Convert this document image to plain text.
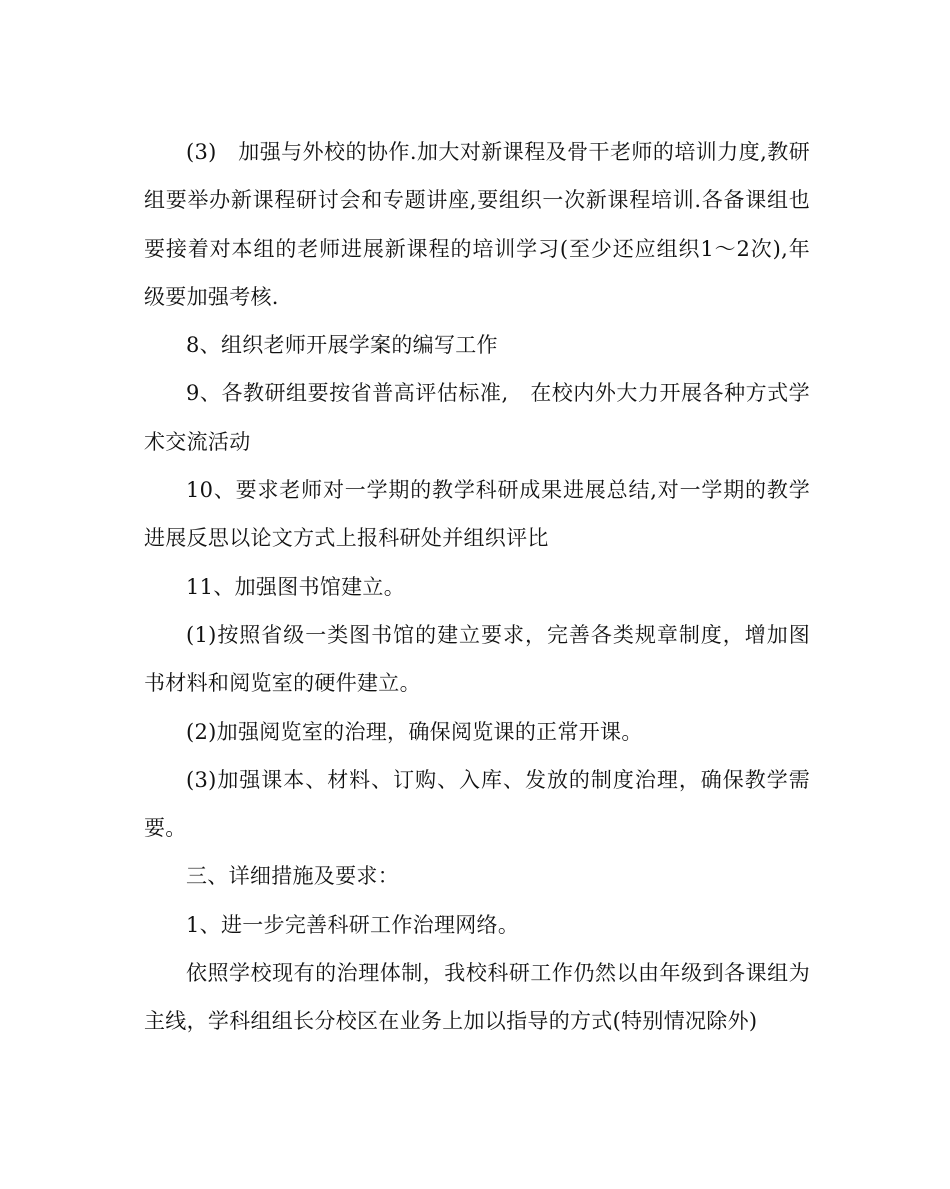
(3)　加强与外校的协作.加大对新课程及骨干老师的培训力度,教研组要举办新课程研讨会和专题讲座,要组织一次新课程培训.各备课组也要接着对本组的老师进展新课程的培训学习(至少还应组织1～2次),年级要加强考核.

8、组织老师开展学案的编写工作

9、各教研组要按省普高评估标准,　在校内外大力开展各种方式学术交流活动

10、要求老师对一学期的教学科研成果进展总结,对一学期的教学进展反思以论文方式上报科研处并组织评比

11、加强图书馆建立。

(1)按照省级一类图书馆的建立要求，完善各类规章制度，增加图书材料和阅览室的硬件建立。

(2)加强阅览室的治理，确保阅览课的正常开课。

(3)加强课本、材料、订购、入库、发放的制度治理，确保教学需要。

三、详细措施及要求：

1、进一步完善科研工作治理网络。

依照学校现有的治理体制，我校科研工作仍然以由年级到各课组为主线，学科组组长分校区在业务上加以指导的方式(特别情况除外)
